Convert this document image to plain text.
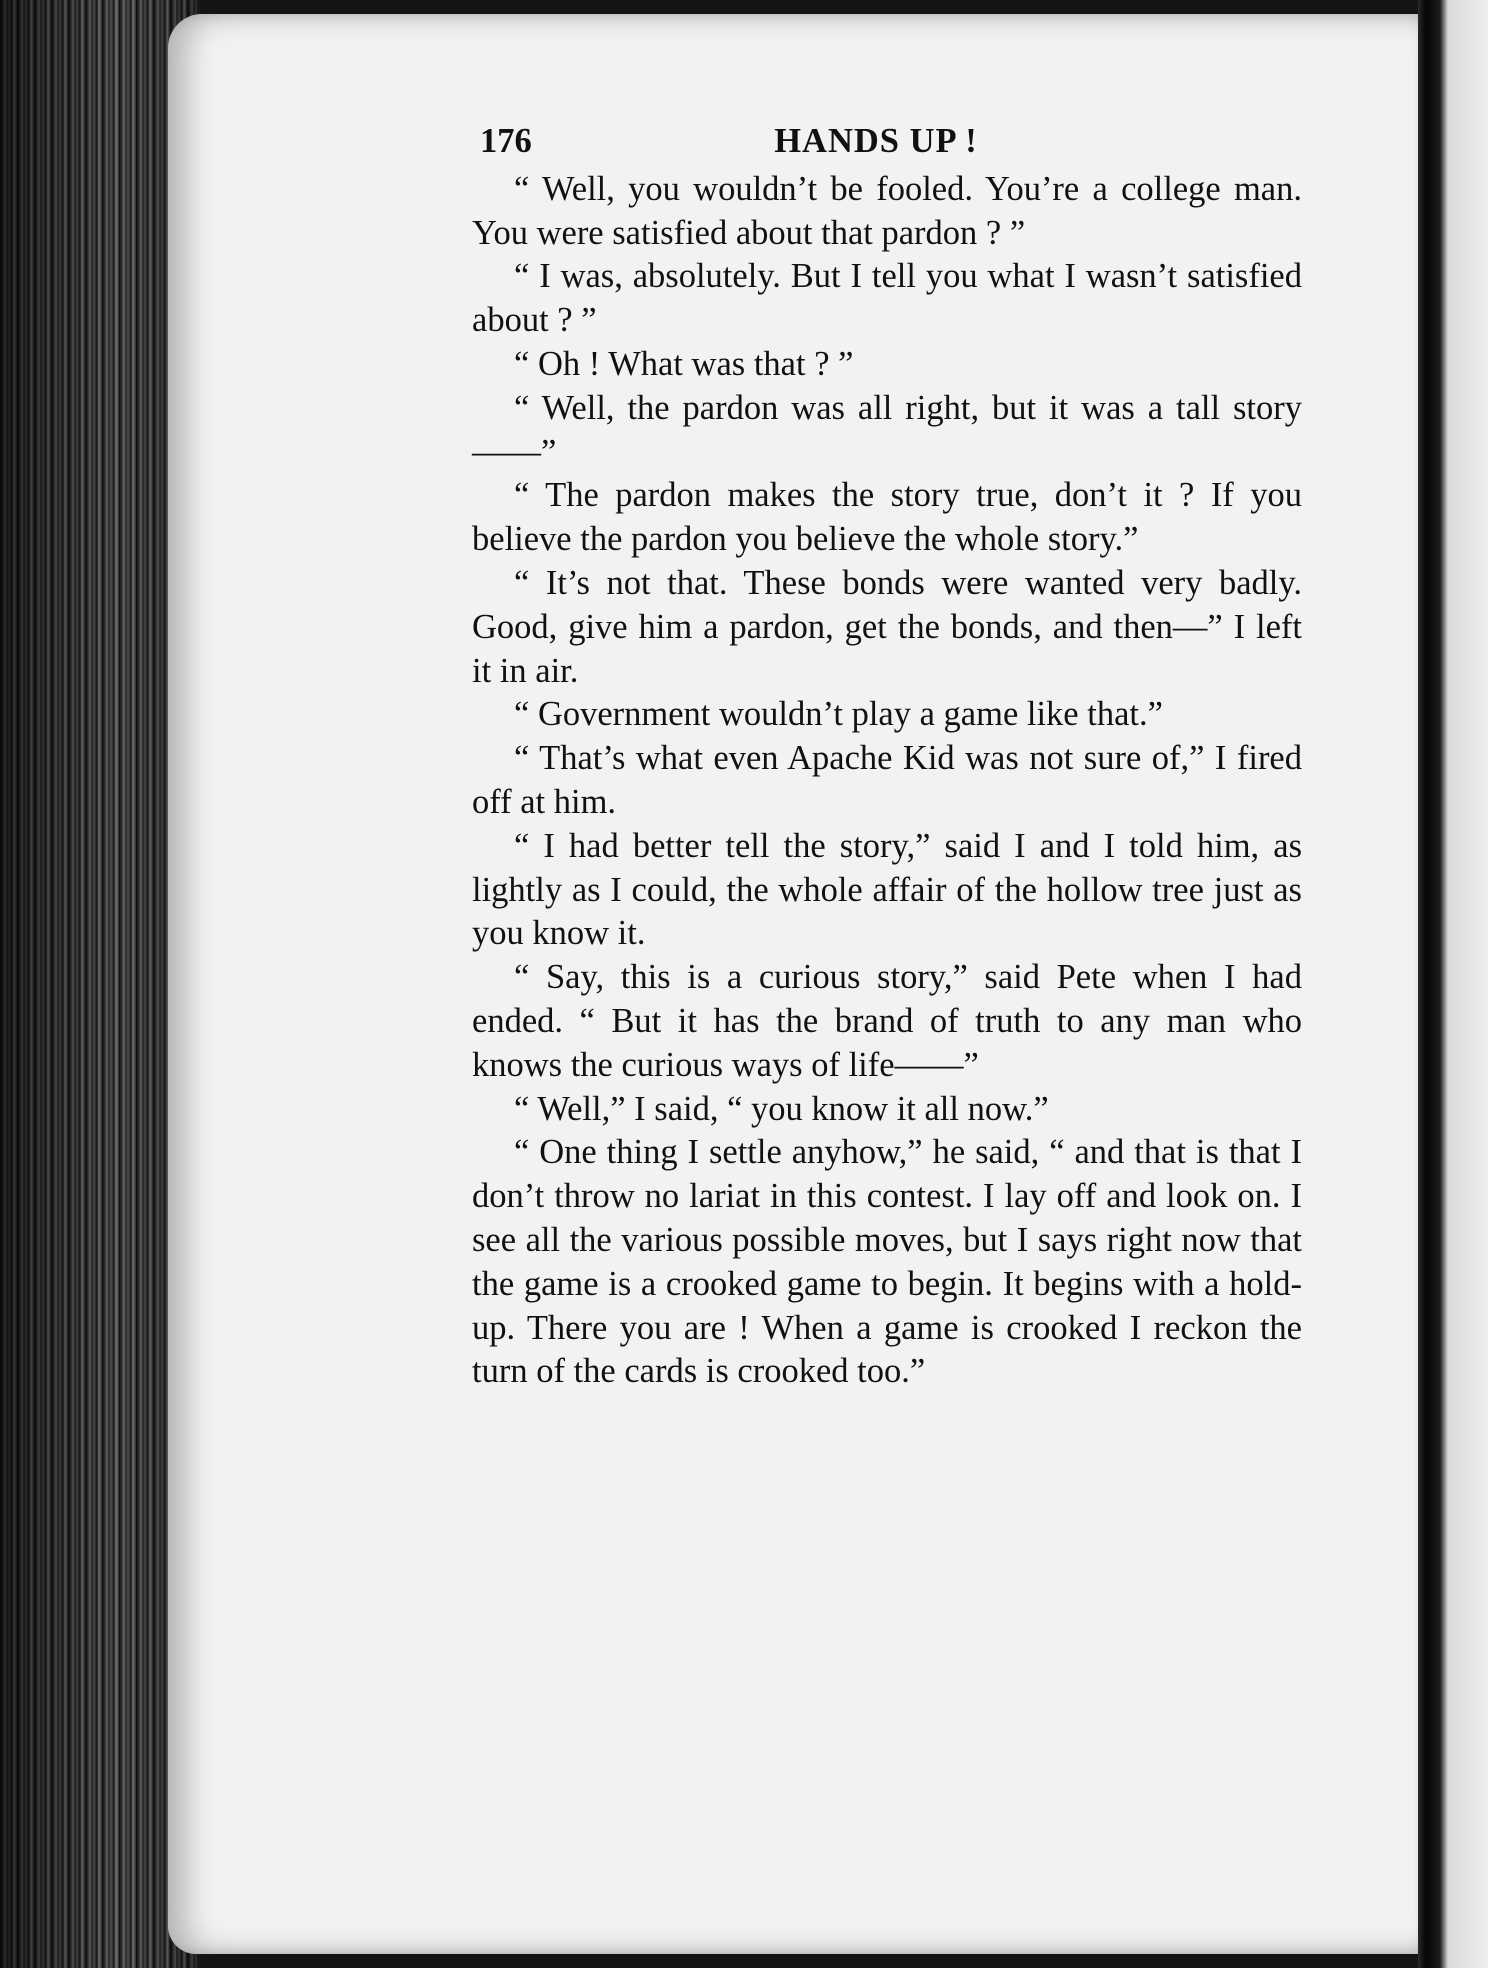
176	HANDS UP !

“ Well, you wouldn’t be fooled. You’re a college man. You were satisfied about that pardon ? ”

“ I was, absolutely. But I tell you what I wasn’t satisfied about ? ”

“ Oh ! What was that ? ”

“ Well, the pardon was all right, but it was a tall story——”

“ The pardon makes the story true, don’t it ? If you believe the pardon you believe the whole story.”

“ It’s not that. These bonds were wanted very badly. Good, give him a pardon, get the bonds, and then—” I left it in air.

“ Government wouldn’t play a game like that.”

“ That’s what even Apache Kid was not sure of,” I fired off at him.

“ I had better tell the story,” said I and I told him, as lightly as I could, the whole affair of the hollow tree just as you know it.

“ Say, this is a curious story,” said Pete when I had ended. “ But it has the brand of truth to any man who knows the curious ways of life——”

“ Well,” I said, “ you know it all now.”

“ One thing I settle anyhow,” he said, “ and that is that I don’t throw no lariat in this contest. I lay off and look on. I see all the various possible moves, but I says right now that the game is a crooked game to begin. It begins with a hold-up. There you are ! When a game is crooked I reckon the turn of the cards is crooked too.”
